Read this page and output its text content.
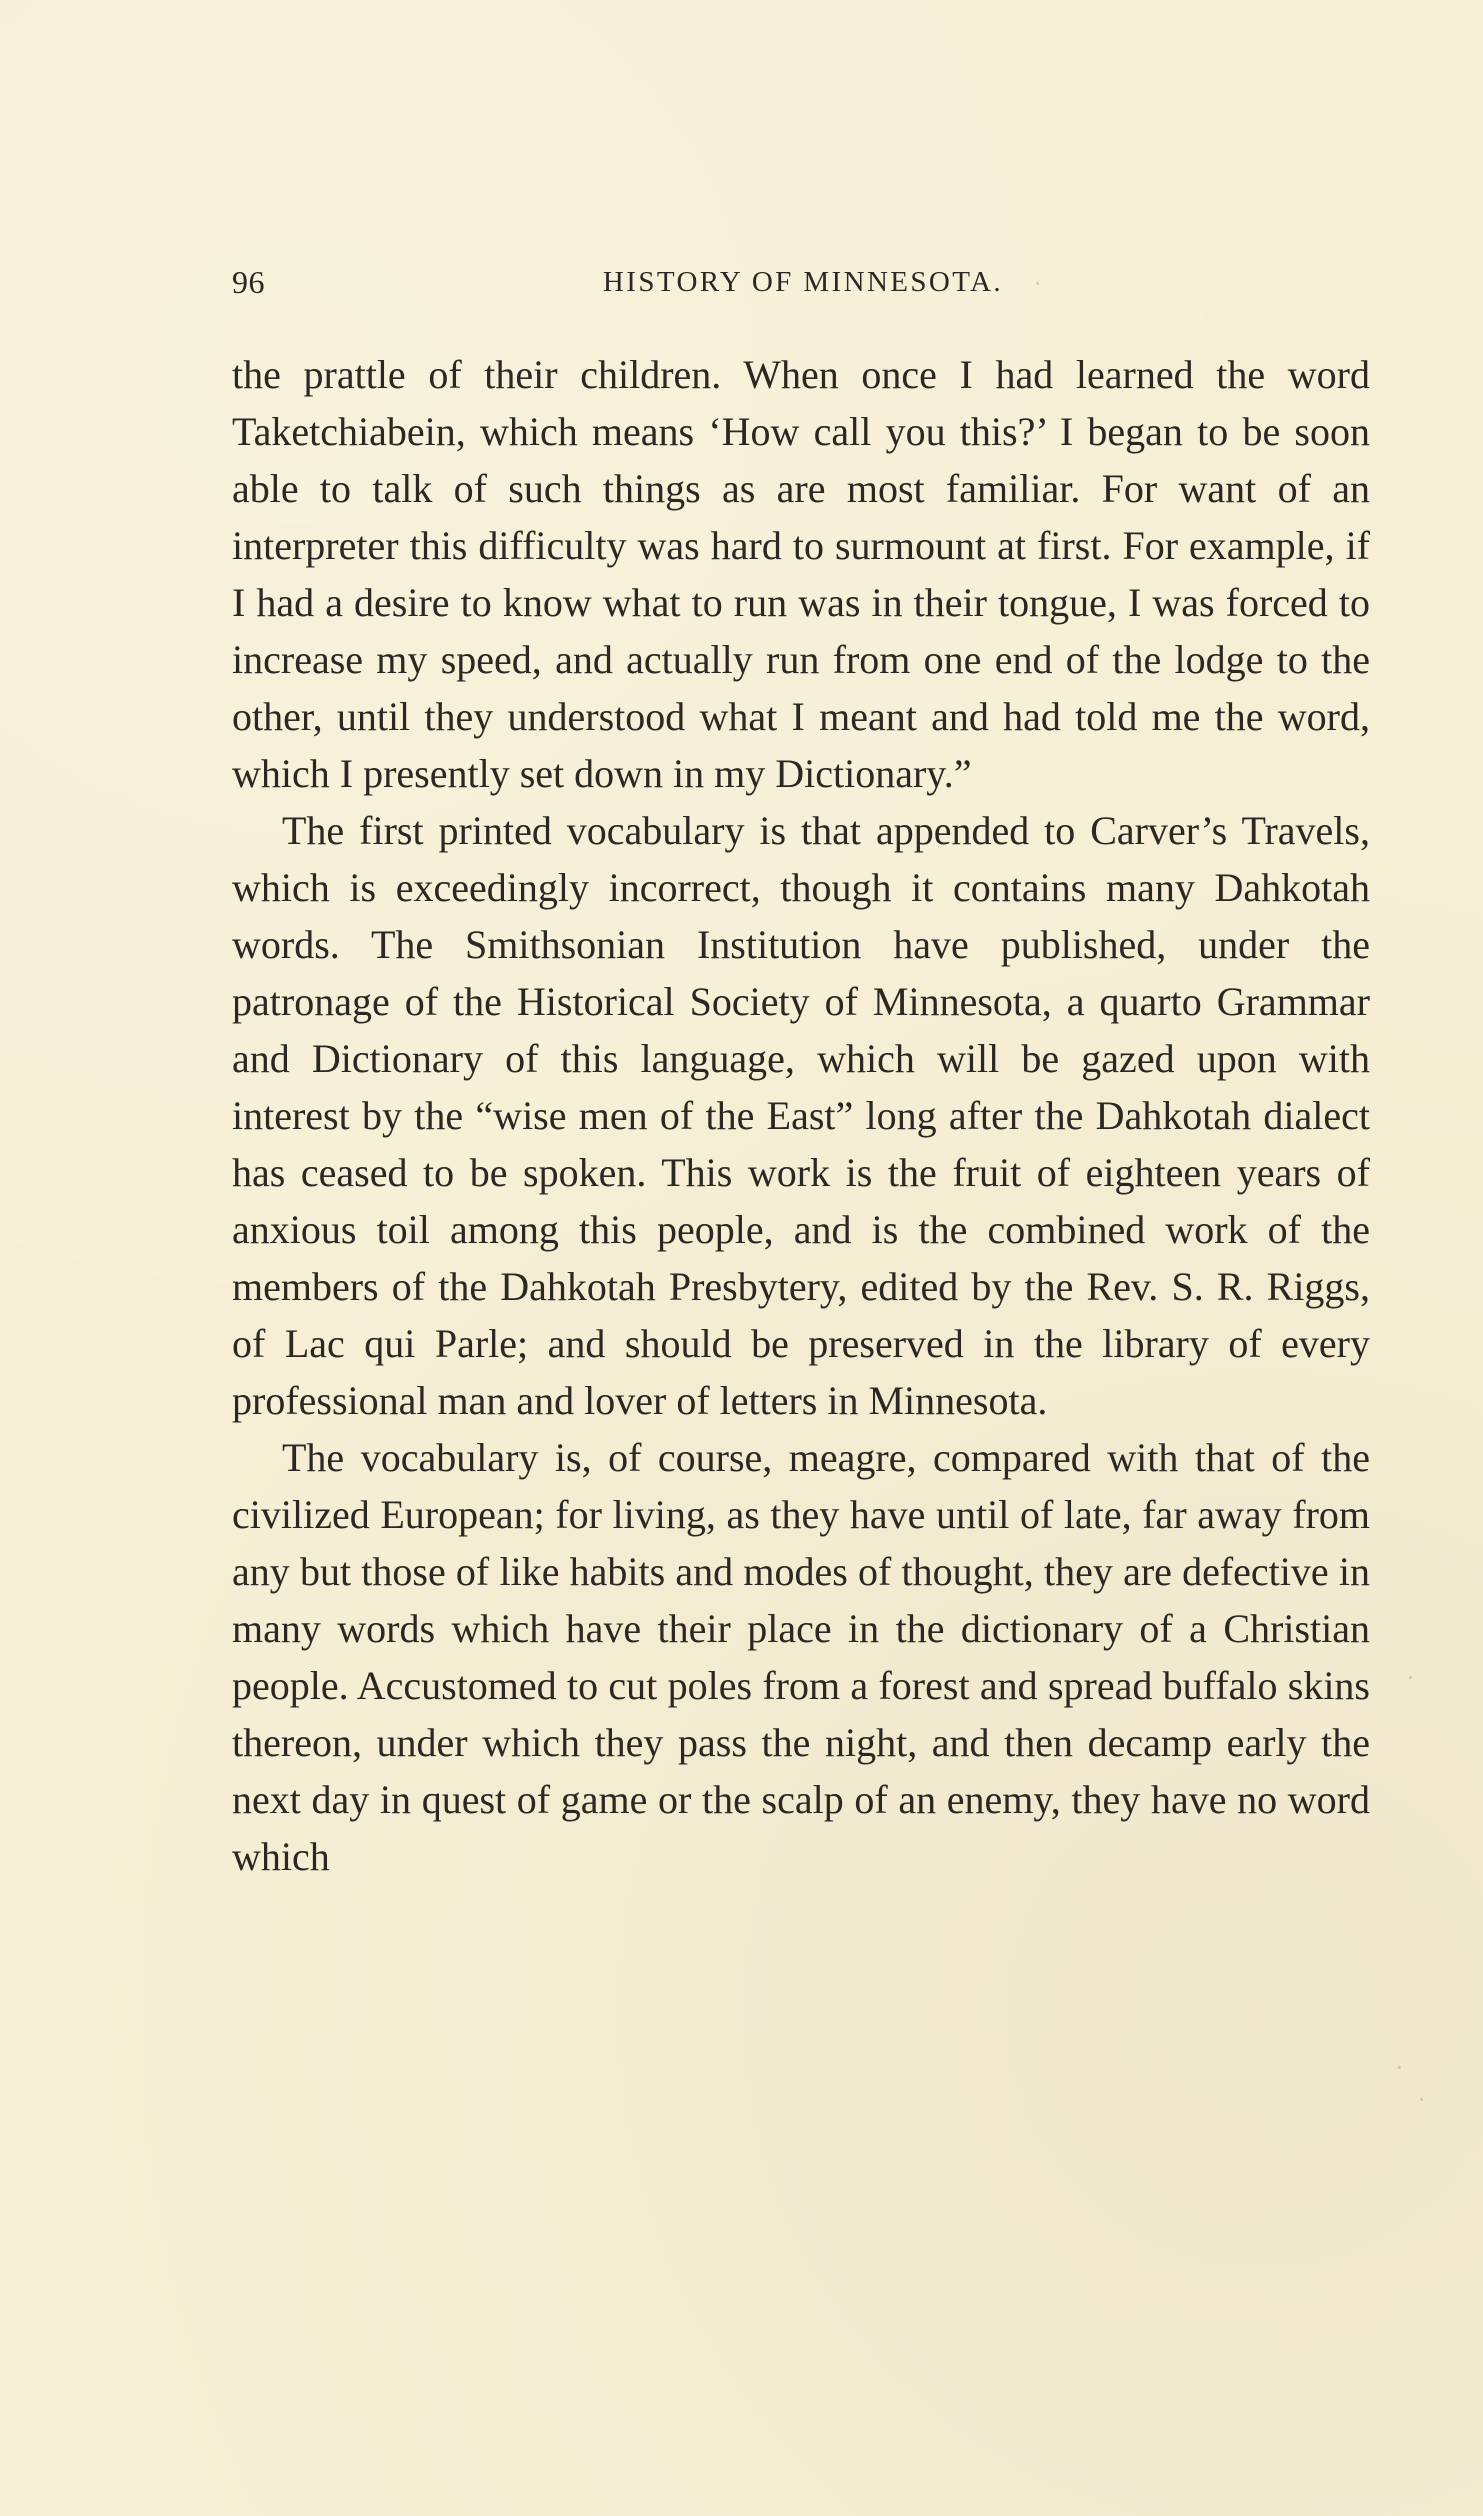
96	HISTORY OF MINNESOTA.

the prattle of their children. When once I had learned the word Taketchiabein, which means ‘How call you this?’ I began to be soon able to talk of such things as are most familiar. For want of an interpreter this difficulty was hard to surmount at first. For example, if I had a desire to know what to run was in their tongue, I was forced to increase my speed, and actually run from one end of the lodge to the other, until they understood what I meant and had told me the word, which I presently set down in my Dictionary.”

The first printed vocabulary is that appended to Carver’s Travels, which is exceedingly incorrect, though it contains many Dahkotah words. The Smithsonian Institution have published, under the patronage of the Historical Society of Minnesota, a quarto Grammar and Dictionary of this language, which will be gazed upon with interest by the “wise men of the East” long after the Dahkotah dialect has ceased to be spoken. This work is the fruit of eighteen years of anxious toil among this people, and is the combined work of the members of the Dahkotah Presbytery, edited by the Rev. S. R. Riggs, of Lac qui Parle; and should be preserved in the library of every professional man and lover of letters in Minnesota.

The vocabulary is, of course, meagre, compared with that of the civilized European; for living, as they have until of late, far away from any but those of like habits and modes of thought, they are defective in many words which have their place in the dictionary of a Christian people. Accustomed to cut poles from a forest and spread buffalo skins thereon, under which they pass the night, and then decamp early the next day in quest of game or the scalp of an enemy, they have no word which
